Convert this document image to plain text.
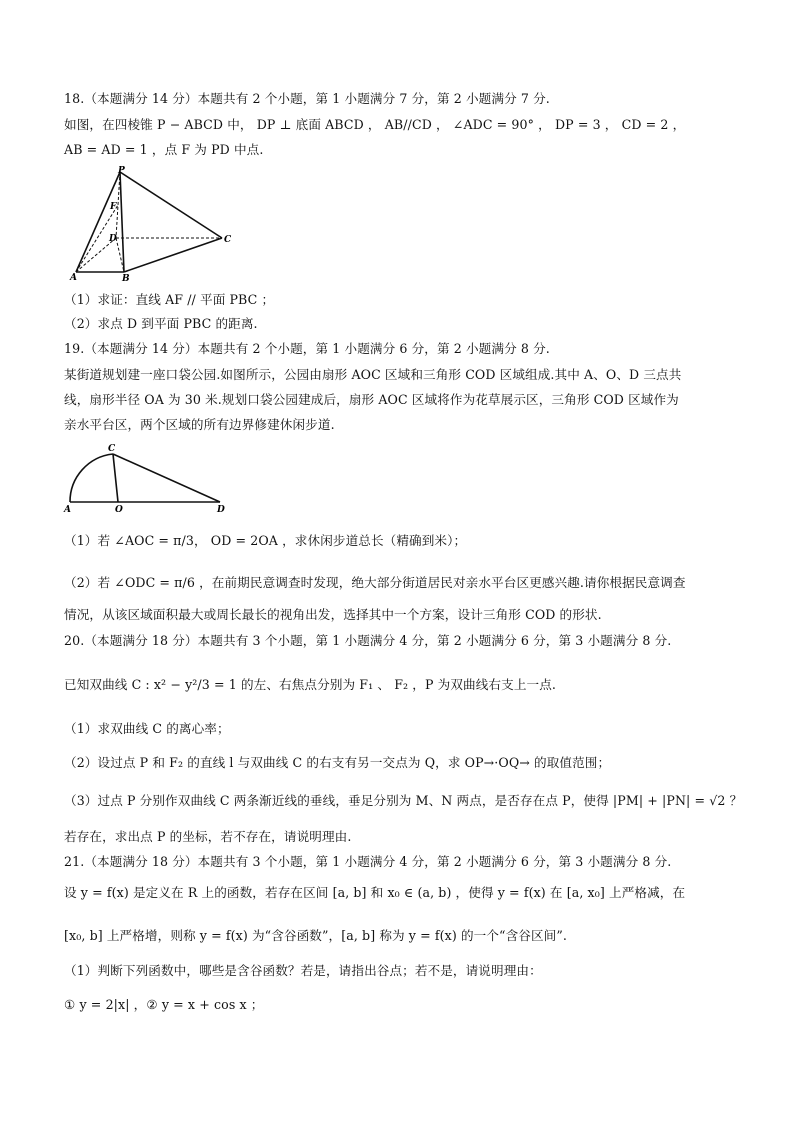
18.（本题满分 14 分）本题共有 2 个小题，第 1 小题满分 7 分，第 2 小题满分 7 分.
如图，在四棱锥 P − ABCD 中， DP ⊥ 底面 ABCD ， AB//CD ， ∠ADC = 90° ， DP = 3 ， CD = 2 ，
AB = AD = 1 ，点 F 为 PD 中点.
P
F
D	C
A	B
（1）求证：直线 AF // 平面 PBC ；
（2）求点 D 到平面 PBC 的距离.
19.（本题满分 14 分）本题共有 2 个小题，第 1 小题满分 6 分，第 2 小题满分 8 分.
某街道规划建一座口袋公园.如图所示，公园由扇形 AOC 区域和三角形 COD 区域组成.其中 A、O、D 三点共
线，扇形半径 OA 为 30 米.规划口袋公园建成后，扇形 AOC 区域将作为花草展示区，三角形 COD 区域作为
亲水平台区，两个区域的所有边界修建休闲步道.
C
A	O	D
（1）若 ∠AOC = π/3， OD = 2OA ，求休闲步道总长（精确到米）；
（2）若 ∠ODC = π/6 ，在前期民意调查时发现，绝大部分街道居民对亲水平台区更感兴趣.请你根据民意调查
情况，从该区域面积最大或周长最长的视角出发，选择其中一个方案，设计三角形 COD 的形状.
20.（本题满分 18 分）本题共有 3 个小题，第 1 小题满分 4 分，第 2 小题满分 6 分，第 3 小题满分 8 分.
已知双曲线 C : x² − y²/3 = 1 的左、右焦点分别为 F₁ 、 F₂ ，P 为双曲线右支上一点.
（1）求双曲线 C 的离心率；
（2）设过点 P 和 F₂ 的直线 l 与双曲线 C 的右支有另一交点为 Q，求 OP→·OQ→ 的取值范围；
（3）过点 P 分别作双曲线 C 两条渐近线的垂线，垂足分别为 M、N 两点，是否存在点 P，使得 |PM| + |PN| = √2 ？
若存在，求出点 P 的坐标，若不存在，请说明理由.
21.（本题满分 18 分）本题共有 3 个小题，第 1 小题满分 4 分，第 2 小题满分 6 分，第 3 小题满分 8 分.
设 y = f(x) 是定义在 R 上的函数，若存在区间 [a, b] 和 x₀ ∈ (a, b) ，使得 y = f(x) 在 [a, x₀] 上严格减，在
[x₀, b] 上严格增，则称 y = f(x) 为“含谷函数”，[a, b] 称为 y = f(x) 的一个“含谷区间”.
（1）判断下列函数中，哪些是含谷函数？若是，请指出谷点；若不是，请说明理由：
① y = 2|x| ，② y = x + cos x ；
